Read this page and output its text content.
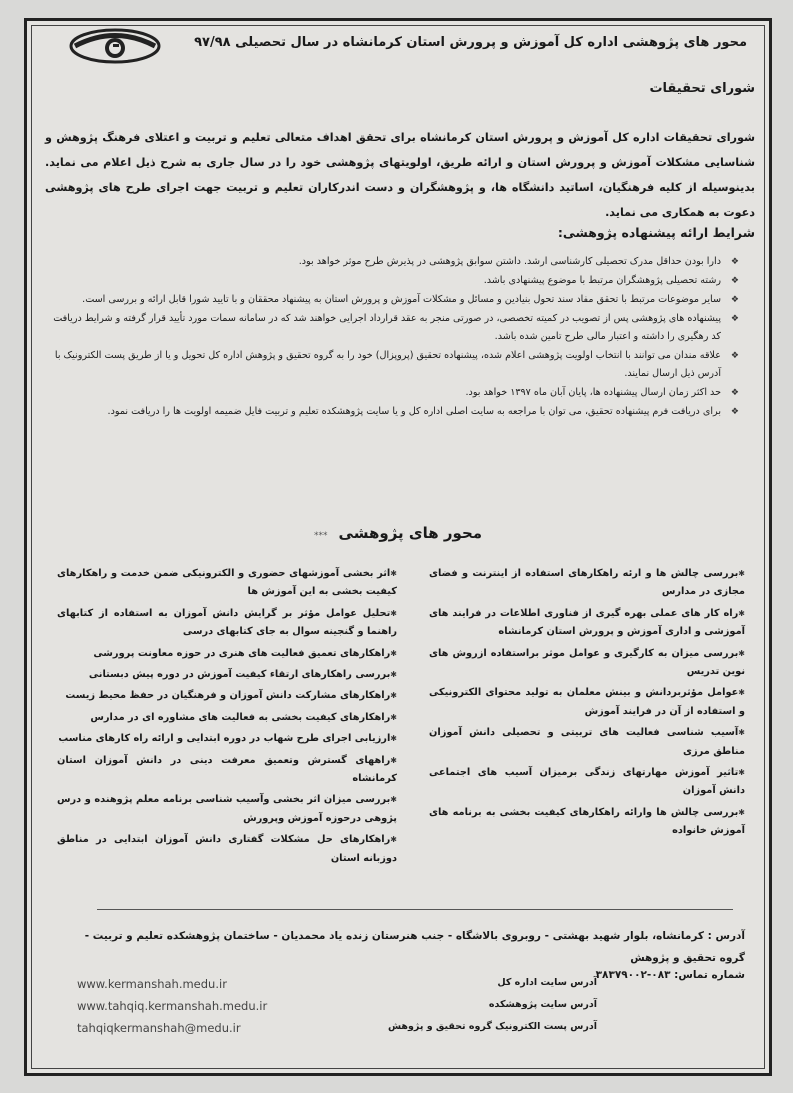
محور های پژوهشی اداره کل آموزش و پرورش استان کرمانشاه در سال تحصیلی ۹۷/۹۸
شورای تحقیقات
شورای تحقیقات اداره کل آموزش و پرورش استان کرمانشاه برای تحقق اهداف متعالی تعلیم و تربیت و اعتلای فرهنگ پژوهش و شناسایی مشکلات آموزش و پرورش استان و ارائه طریق، اولویتهای پژوهشی خود را در سال جاری به شرح ذیل اعلام می نماید. بدینوسیله از کلیه فرهنگیان، اساتید دانشگاه ها، و پژوهشگران و دست اندرکاران تعلیم و تربیت جهت اجرای طرح های پژوهشی دعوت به همکاری می نماید.
شرایط ارائه پیشنهاده پژوهشی:
❖ دارا بودن حداقل مدرک تحصیلی کارشناسی ارشد. داشتن سوابق پژوهشی در پذیرش طرح موثر خواهد بود.
❖ رشته تحصیلی پژوهشگران مرتبط با موضوع پیشنهادی باشد.
❖ سایر موضوعات مرتبط با تحقق مفاد سند تحول بنیادین و مسائل و مشکلات آموزش و پرورش استان به پیشنهاد محققان و با تایید شورا قابل ارائه و بررسی است.
❖ پیشنهاده های پژوهشی پس از تصویب در کمیته تخصصی، در صورتی منجر به عقد قرارداد اجرایی خواهند شد که در سامانه سمات مورد تأیید قرار گرفته و شرایط دریافت کد رهگیری را داشته و اعتبار مالی طرح تامین شده باشد.
❖ علاقه مندان می توانند با انتخاب اولویت پژوهشی اعلام شده، پیشنهاده تحقیق (پروپزال) خود را به گروه تحقیق و پژوهش اداره کل تحویل و یا از طریق پست الکترونیک با آدرس ذیل ارسال نمایند.
❖ حد اکثر زمان ارسال پیشنهاده ها، پایان آبان ماه ۱۳۹۷ خواهد بود.
❖ برای دریافت فرم پیشنهاده تحقیق، می توان با مراجعه به سایت اصلی اداره کل و یا سایت پژوهشکده تعلیم و تربیت فایل ضمیمه اولویت ها را دریافت نمود.
محور های پژوهشی ***
✱ بررسی چالش ها و ارئه راهکارهای استفاده از اینترنت و فضای مجازی در مدارس
✱ راه کار های عملی بهره گیری از فناوری اطلاعات در فرایند های آموزشی و اداری آموزش و پرورش استان کرمانشاه
✱ بررسی میزان به کارگیری و عوامل موثر براستفاده ازروش های نوین تدریس
✱ عوامل مؤثربردانش و بینش معلمان به تولید محتوای الکترونیکی و استفاده از آن در فرایند آموزش
✱ آسیب شناسی فعالیت های تربیتی و تحصیلی دانش آموزان مناطق مرزی
✱ تاثیر آموزش مهارتهای زندگی برمیزان آسیب های اجتماعی دانش آموزان
✱ بررسی چالش ها وارائه راهکارهای کیفیت بخشی به برنامه های آموزش خانواده
✱ اثر بخشی آموزشهای حضوری و الکترونیکی ضمن خدمت و راهکارهای کیفیت بخشی به این آموزش ها
✱ تحلیل عوامل مؤثر بر گرایش دانش آموزان به استفاده از کتابهای راهنما و گنجینه سوال به جای کتابهای درسی
✱ راهکارهای تعمیق فعالیت های هنری در حوزه معاونت پرورشی
✱ بررسی راهکارهای ارتقاء کیفیت آموزش در دوره پیش دبستانی
✱ راهکارهای مشارکت دانش آموزان و فرهنگیان در حفظ محیط زیست
✱ راهکارهای کیفیت بخشی به فعالیت های مشاوره ای در مدارس
✱ ارزیابی اجرای طرح شهاب در دوره ابتدایی و ارائه راه کارهای مناسب
✱ راههای گسترش وتعمیق معرفت دینی در دانش آموزان استان کرمانشاه
✱ بررسی میزان اثر بخشی وآسیب شناسی برنامه معلم پژوهنده و درس پژوهی درحوزه آموزش وپرورش
✱ راهکارهای حل مشکلات گفتاری دانش آموزان ابتدایی در مناطق دوزبانه استان
آدرس : کرمانشاه، بلوار شهید بهشتی - روبروی بالاشگاه - جنب هنرستان زنده یاد محمدیان - ساختمان پژوهشکده تعلیم و تربیت - گروه تحقیق و پژوهش
شماره تماس: ۰۸۳-۳۸۳۷۹۰۰۲
www.kermanshah.medu.ir	آدرس سایت اداره کل
www.tahqiq.kermanshah.medu.ir	آدرس سایت پژوهشکده
tahqiqkermanshah@medu.ir	آدرس پست الکترونیک گروه تحقیق و پژوهش
